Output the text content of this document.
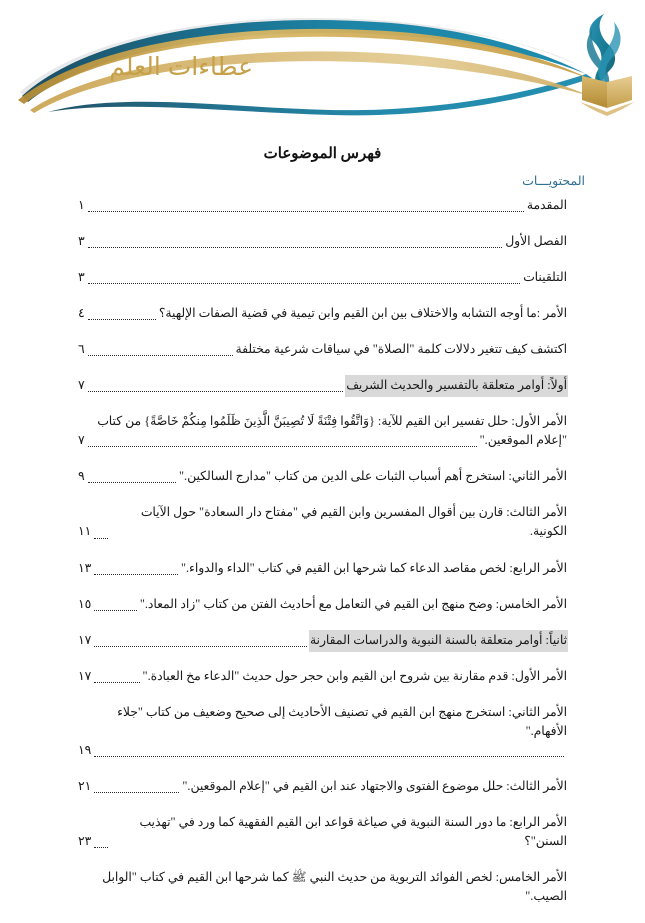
عطاءات العلم
فهرس الموضوعات
المحتويـــات
المقدمة
١
الفصل الأول
٣
التلقينات
٣
الأمر :ما أوجه التشابه والاختلاف بين ابن القيم وابن تيمية في قضية الصفات الإلهية؟
٤
اكتشف كيف تتغير دلالات كلمة "الصلاة" في سياقات شرعية مختلفة
٦
أولاً: أوامر متعلقة بالتفسير والحديث الشريف
٧
الأمر الأول: حلل تفسير ابن القيم للآية: {وَاتَّقُوا فِتْنَةً لَا تُصِيبَنَّ الَّذِينَ ظَلَمُوا مِنكُمْ خَاصَّةً} من كتاب
"إعلام الموقعين."
٧
الأمر الثاني: استخرج أهم أسباب الثبات على الدين من كتاب "مدارج السالكين."
٩
الأمر الثالث: قارن بين أقوال المفسرين وابن القيم في "مفتاح دار السعادة" حول الآيات الكونية.
١١
الأمر الرابع: لخص مقاصد الدعاء كما شرحها ابن القيم في كتاب "الداء والدواء."
١٣
الأمر الخامس: وضح منهج ابن القيم في التعامل مع أحاديث الفتن من كتاب "زاد المعاد."
١٥
ثانياً: أوامر متعلقة بالسنة النبوية والدراسات المقارنة
١٧
الأمر الأول: قدم مقارنة بين شروح ابن القيم وابن حجر حول حديث "الدعاء مخ العبادة."
١٧
الأمر الثاني: استخرج منهج ابن القيم في تصنيف الأحاديث إلى صحيح وضعيف من كتاب "جلاء الأفهام."
١٩
الأمر الثالث: حلل موضوع الفتوى والاجتهاد عند ابن القيم في "إعلام الموقعين."
٢١
الأمر الرابع: ما دور السنة النبوية في صياغة قواعد ابن القيم الفقهية كما ورد في "تهذيب السنن"؟
٢٣
الأمر الخامس: لخص الفوائد التربوية من حديث النبي ﷺ كما شرحها ابن القيم في كتاب "الوابل الصيب."
